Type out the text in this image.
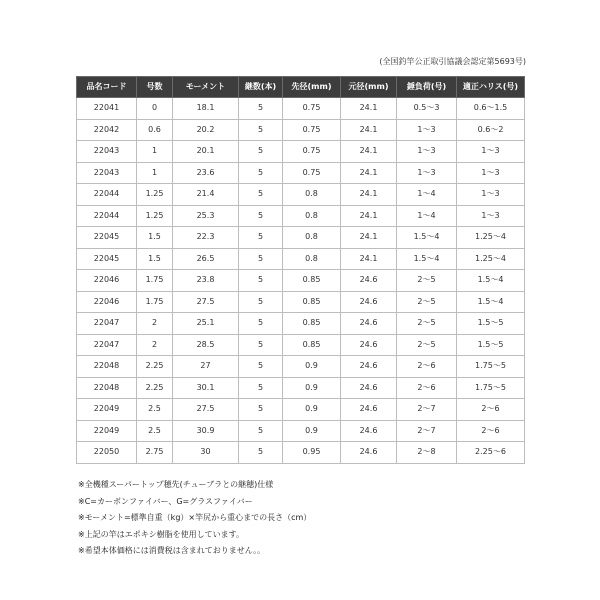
(全国釣竿公正取引協議会認定第5693号)
品名コード	号数	モーメント	継数(本)	先径(mm)	元径(mm)	錘負荷(号)	適正ハリス(号)
22041	0	18.1	5	0.75	24.1	0.5〜3	0.6〜1.5
22042	0.6	20.2	5	0.75	24.1	1〜3	0.6〜2
22043	1	20.1	5	0.75	24.1	1〜3	1〜3
22043	1	23.6	5	0.75	24.1	1〜3	1〜3
22044	1.25	21.4	5	0.8	24.1	1〜4	1〜3
22044	1.25	25.3	5	0.8	24.1	1〜4	1〜3
22045	1.5	22.3	5	0.8	24.1	1.5〜4	1.25〜4
22045	1.5	26.5	5	0.8	24.1	1.5〜4	1.25〜4
22046	1.75	23.8	5	0.85	24.6	2〜5	1.5〜4
22046	1.75	27.5	5	0.85	24.6	2〜5	1.5〜4
22047	2	25.1	5	0.85	24.6	2〜5	1.5〜5
22047	2	28.5	5	0.85	24.6	2〜5	1.5〜5
22048	2.25	27	5	0.9	24.6	2〜6	1.75〜5
22048	2.25	30.1	5	0.9	24.6	2〜6	1.75〜5
22049	2.5	27.5	5	0.9	24.6	2〜7	2〜6
22049	2.5	30.9	5	0.9	24.6	2〜7	2〜6
22050	2.75	30	5	0.95	24.6	2〜8	2.25〜6
※全機種スーパートップ穂先(チューブラとの継穂)仕様
※C=カーボンファイバー、G=グラスファイバー
※モーメント=標準自重（kg）×竿尻から重心までの長さ（cm）
※上記の竿はエポキシ樹脂を使用しています。
※希望本体価格には消費税は含まれておりません。。
